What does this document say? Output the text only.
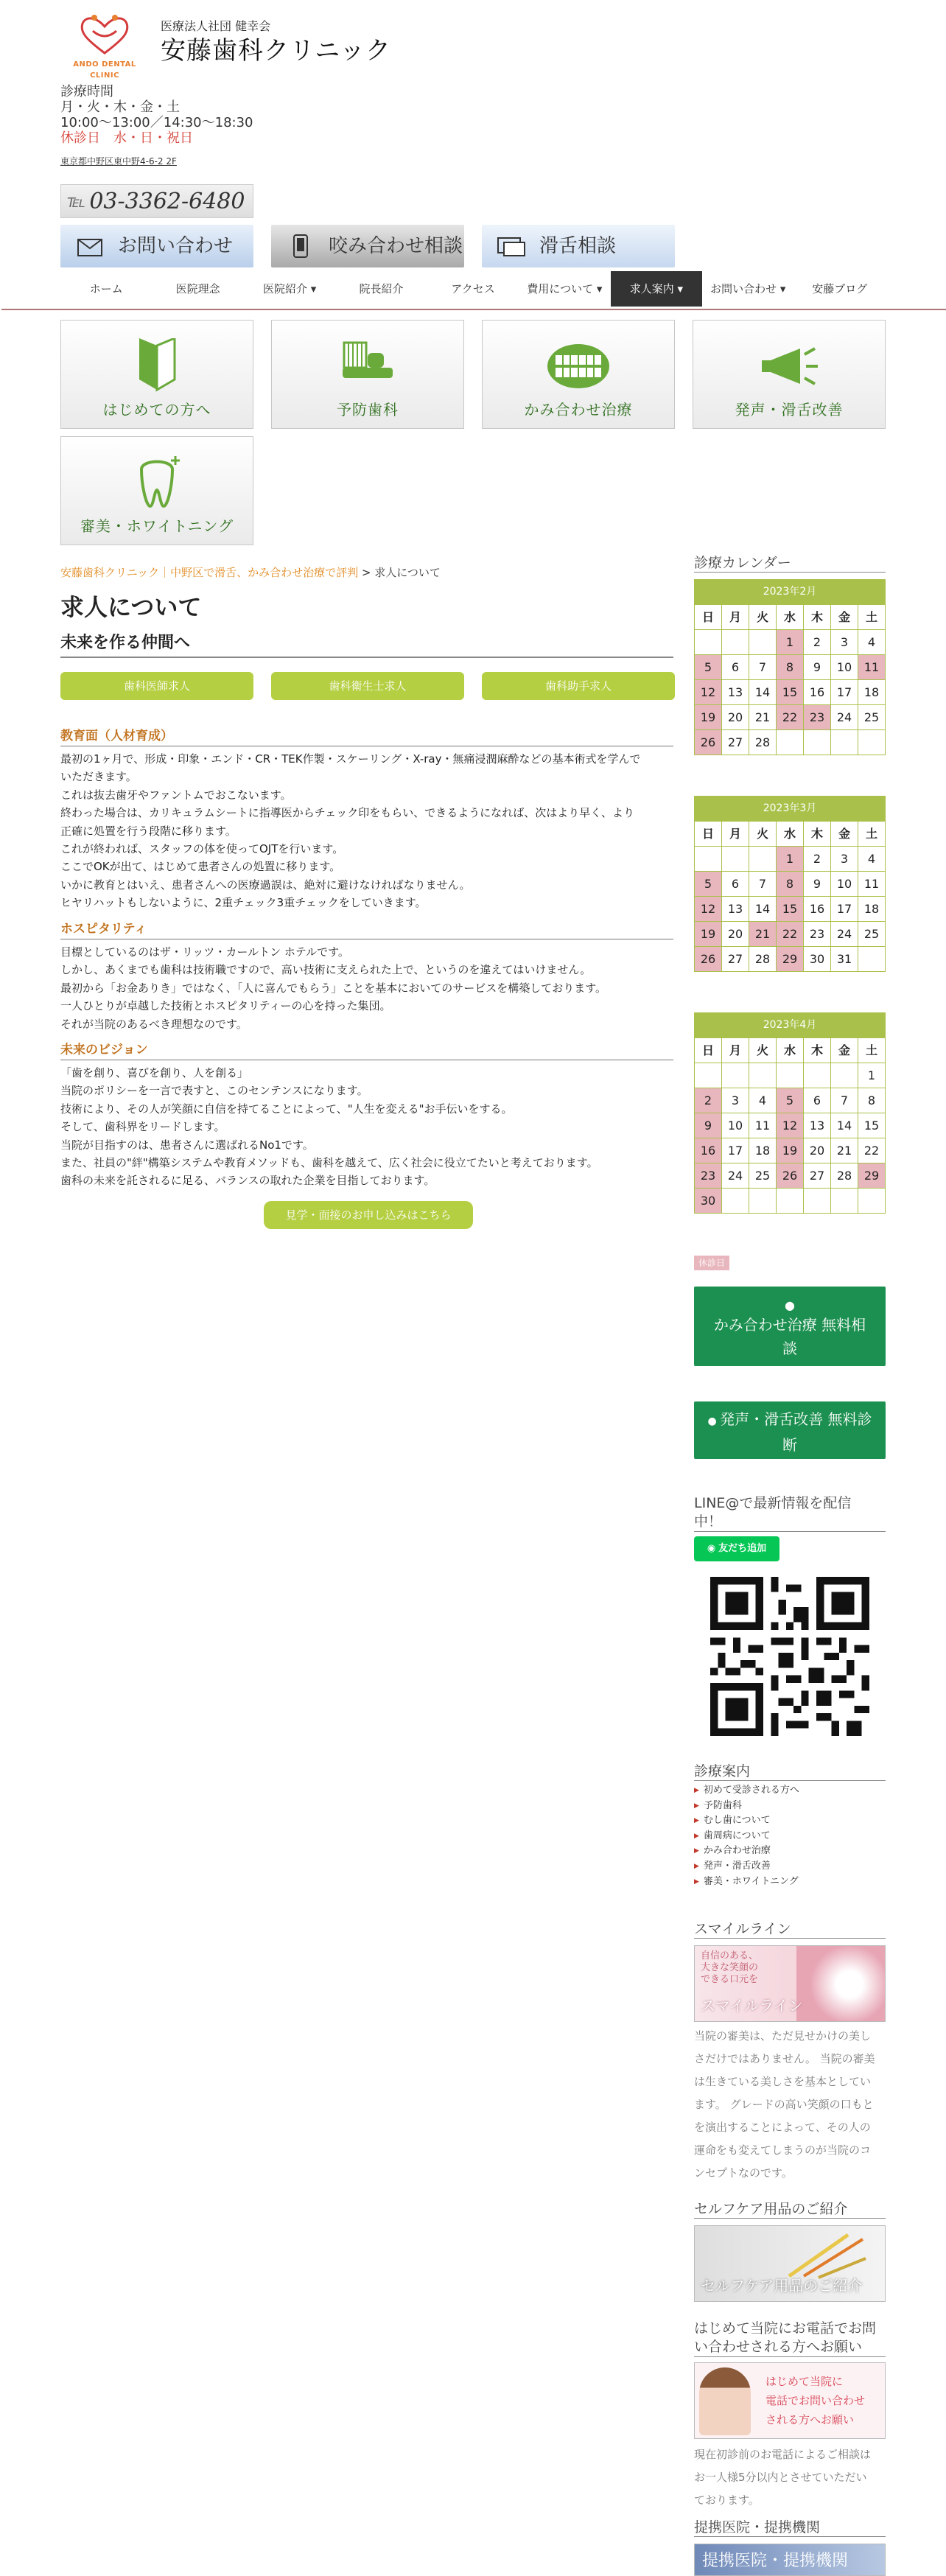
ANDO DENTAL CLINIC
医療法人社団 健幸会
安藤歯科クリニック
診療時間
月・火・木・金・土
10:00〜13:00／14:30〜18:30
休診日　水・日・祝日
東京都中野区東中野4-6-2 2F
℡ 03-3362-6480
お問い合わせ	咬み合わせ相談	滑舌相談
ホーム	医院理念	医院紹介 ▾	院長紹介	アクセス	費用について ▾	求人案内 ▾	お問い合わせ ▾	安藤ブログ
はじめての方へ	予防歯科	かみ合わせ治療	発声・滑舌改善
審美・ホワイトニング
安藤歯科クリニック｜中野区で滑舌、かみ合わせ治療で評判 > 求人について
求人について
未来を作る仲間へ
歯科医師求人	歯科衛生士求人	歯科助手求人
教育面（人材育成）
最初の1ヶ月で、形成・印象・エンド・CR・TEK作製・スケーリング・X-ray・無痛浸潤麻酔などの基本術式を学んで
いただきます。
これは抜去歯牙やファントムでおこないます。
終わった場合は、カリキュラムシートに指導医からチェック印をもらい、できるようになれば、次はより早く、より
正確に処置を行う段階に移ります。
これが終われば、スタッフの体を使ってOJTを行います。
ここでOKが出て、はじめて患者さんの処置に移ります。
いかに教育とはいえ、患者さんへの医療過誤は、絶対に避けなければなりません。
ヒヤリハットもしないように、2重チェック3重チェックをしていきます。
ホスピタリティ
目標としているのはザ・リッツ・カールトン ホテルです。
しかし、あくまでも歯科は技術職ですので、高い技術に支えられた上で、というのを違えてはいけません。
最初から「お金ありき」ではなく、「人に喜んでもらう」ことを基本においてのサービスを構築しております。
一人ひとりが卓越した技術とホスピタリティーの心を持った集団。
それが当院のあるべき理想なのです。
未来のビジョン
「歯を創り、喜びを創り、人を創る」
当院のポリシーを一言で表すと、このセンテンスになります。
技術により、その人が笑顔に自信を持てることによって、"人生を変える"お手伝いをする。
そして、歯科界をリードします。
当院が目指すのは、患者さんに選ばれるNo1です。
また、社員の"絆"構築システムや教育メソッドも、歯科を越えて、広く社会に役立てたいと考えております。
歯科の未来を託されるに足る、バランスの取れた企業を目指しております。
見学・面接のお申し込みはこちら
診療カレンダー
2023年2月
日	月	火	水	木	金	土
			1	2	3	4
5	6	7	8	9	10	11
12	13	14	15	16	17	18
19	20	21	22	23	24	25
26	27	28				
2023年3月
日	月	火	水	木	金	土
			1	2	3	4
5	6	7	8	9	10	11
12	13	14	15	16	17	18
19	20	21	22	23	24	25
26	27	28	29	30	31	
2023年4月
日	月	火	水	木	金	土
						1
2	3	4	5	6	7	8
9	10	11	12	13	14	15
16	17	18	19	20	21	22
23	24	25	26	27	28	29
30						
休診日
●
かみ合わせ治療 無料相
談
● 発声・滑舌改善 無料診
断
LINE@で最新情報を配信
中！
◉ 友だち追加
診療案内
▶ 初めて受診される方へ
▶ 予防歯科
▶ むし歯について
▶ 歯周病について
▶ かみ合わせ治療
▶ 発声・滑舌改善
▶ 審美・ホワイトニング
スマイルライン
自信のある、
大きな笑顔の
できる口元を
スマイルライン
当院の審美は、ただ見せかけの美し
さだけではありません。 当院の審美
は生きている美しさを基本としてい
ます。 グレードの高い笑顔の口もと
を演出することによって、その人の
運命をも変えてしまうのが当院のコ
ンセプトなのです。
セルフケア用品のご紹介
セルフケア用品のご紹介
はじめて当院にお電話でお問
い合わせされる方へお願い
はじめて当院に
電話でお問い合わせ
される方へお願い
現在初診前のお電話によるご相談は
お一人様5分以内とさせていただい
ております。
提携医院・提携機関
提携医院・提携機関
